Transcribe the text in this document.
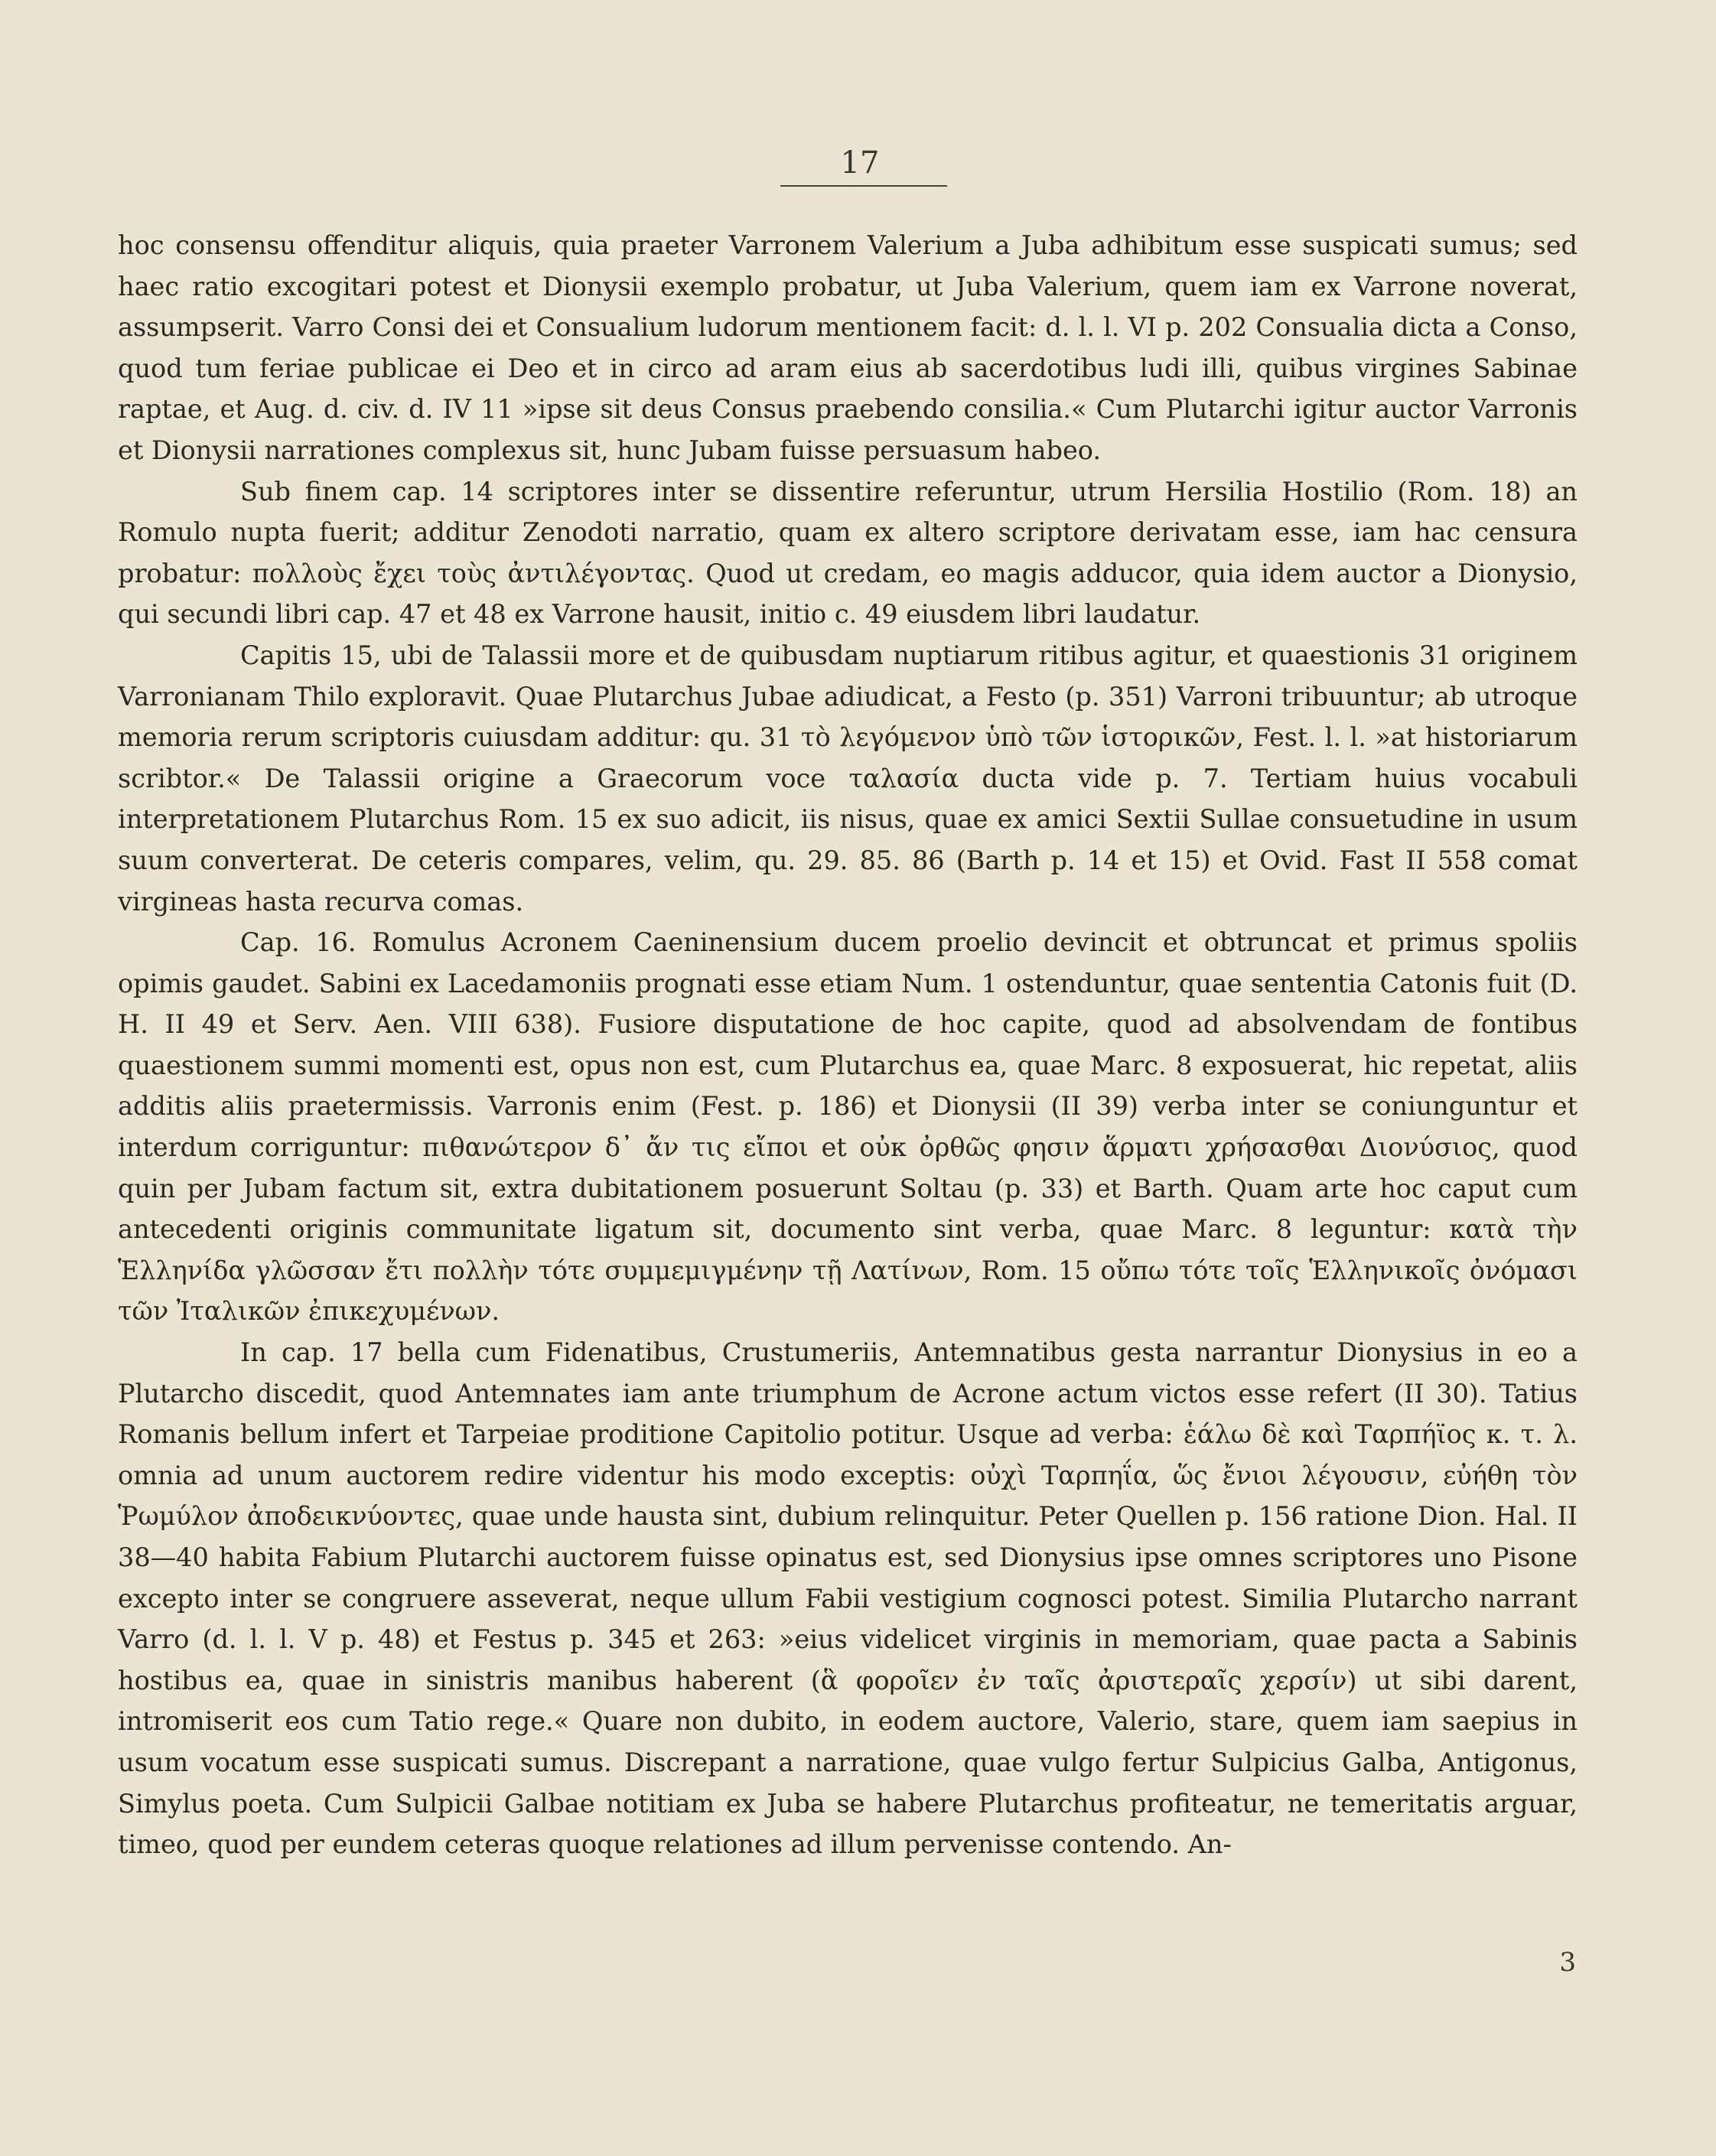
17

hoc consensu offenditur aliquis, quia praeter Varronem Valerium a Juba adhibitum esse suspicati sumus; sed haec ratio excogitari potest et Dionysii exemplo probatur, ut Juba Valerium, quem iam ex Varrone noverat, assumpserit. Varro Consi dei et Consualium ludorum mentionem facit: d. l. l. VI p. 202 Consualia dicta a Conso, quod tum feriae publicae ei Deo et in circo ad aram eius ab sacerdotibus ludi illi, quibus virgines Sabinae raptae, et Aug. d. civ. d. IV 11 »ipse sit deus Consus praebendo consilia.« Cum Plutarchi igitur auctor Varronis et Dionysii narrationes complexus sit, hunc Jubam fuisse persuasum habeo.

Sub finem cap. 14 scriptores inter se dissentire referuntur, utrum Hersilia Hostilio (Rom. 18) an Romulo nupta fuerit; additur Zenodoti narratio, quam ex altero scriptore derivatam esse, iam hac censura probatur: πολλοὺς ἔχει τοὺς ἀντιλέγοντας. Quod ut credam, eo magis adducor, quia idem auctor a Dionysio, qui secundi libri cap. 47 et 48 ex Varrone hausit, initio c. 49 eiusdem libri laudatur.

Capitis 15, ubi de Talassii more et de quibusdam nuptiarum ritibus agitur, et quaestionis 31 originem Varronianam Thilo exploravit. Quae Plutarchus Jubae adiudicat, a Festo (p. 351) Varroni tribuuntur; ab utroque memoria rerum scriptoris cuiusdam additur: qu. 31 τὸ λεγόμενον ὑπὸ τῶν ἱστορικῶν, Fest. l. l. »at historiarum scribtor.« De Talassii origine a Graecorum voce ταλασία ducta vide p. 7. Tertiam huius vocabuli interpretationem Plutarchus Rom. 15 ex suo adicit, iis nisus, quae ex amici Sextii Sullae consuetudine in usum suum converterat. De ceteris compares, velim, qu. 29. 85. 86 (Barth p. 14 et 15) et Ovid. Fast II 558 comat virgineas hasta recurva comas.

Cap. 16. Romulus Acronem Caeninensium ducem proelio devincit et obtruncat et primus spoliis opimis gaudet. Sabini ex Lacedamoniis prognati esse etiam Num. 1 ostenduntur, quae sententia Catonis fuit (D. H. II 49 et Serv. Aen. VIII 638). Fusiore disputatione de hoc capite, quod ad absolvendam de fontibus quaestionem summi momenti est, opus non est, cum Plutarchus ea, quae Marc. 8 exposuerat, hic repetat, aliis additis aliis praetermissis. Varronis enim (Fest. p. 186) et Dionysii (II 39) verba inter se coniunguntur et interdum corriguntur: πιθανώτερον δ᾽ ἄν τις εἴποι et οὐκ ὀρθῶς φησιν ἅρματι χρήσασθαι Διονύσιος, quod quin per Jubam factum sit, extra dubitationem posuerunt Soltau (p. 33) et Barth. Quam arte hoc caput cum antecedenti originis communitate ligatum sit, documento sint verba, quae Marc. 8 leguntur: κατὰ τὴν Ἑλληνίδα γλῶσσαν ἔτι πολλὴν τότε συμμεμιγμένην τῇ Λατίνων, Rom. 15 οὔπω τότε τοῖς Ἑλληνικοῖς ὀνόμασι τῶν Ἰταλικῶν ἐπικεχυμένων.

In cap. 17 bella cum Fidenatibus, Crustumeriis, Antemnatibus gesta narrantur Dionysius in eo a Plutarcho discedit, quod Antemnates iam ante triumphum de Acrone actum victos esse refert (II 30). Tatius Romanis bellum infert et Tarpeiae proditione Capitolio potitur. Usque ad verba: ἑάλω δὲ καὶ Ταρπήϊος κ. τ. λ. omnia ad unum auctorem redire videntur his modo exceptis: οὐχὶ Ταρπηΐα, ὥς ἔνιοι λέγουσιν, εὐήθη τὸν Ῥωμύλον ἀποδεικνύοντες, quae unde hausta sint, dubium relinquitur. Peter Quellen p. 156 ratione Dion. Hal. II 38—40 habita Fabium Plutarchi auctorem fuisse opinatus est, sed Dionysius ipse omnes scriptores uno Pisone excepto inter se congruere asseverat, neque ullum Fabii vestigium cognosci potest. Similia Plutarcho narrant Varro (d. l. l. V p. 48) et Festus p. 345 et 263: »eius videlicet virginis in memoriam, quae pacta a Sabinis hostibus ea, quae in sinistris manibus haberent (ἃ φοροῖεν ἐν ταῖς ἀριστεραῖς χερσίν) ut sibi darent, intromiserit eos cum Tatio rege.« Quare non dubito, in eodem auctore, Valerio, stare, quem iam saepius in usum vocatum esse suspicati sumus. Discrepant a narratione, quae vulgo fertur Sulpicius Galba, Antigonus, Simylus poeta. Cum Sulpicii Galbae notitiam ex Juba se habere Plutarchus profiteatur, ne temeritatis arguar, timeo, quod per eundem ceteras quoque relationes ad illum pervenisse contendo. An-

3
